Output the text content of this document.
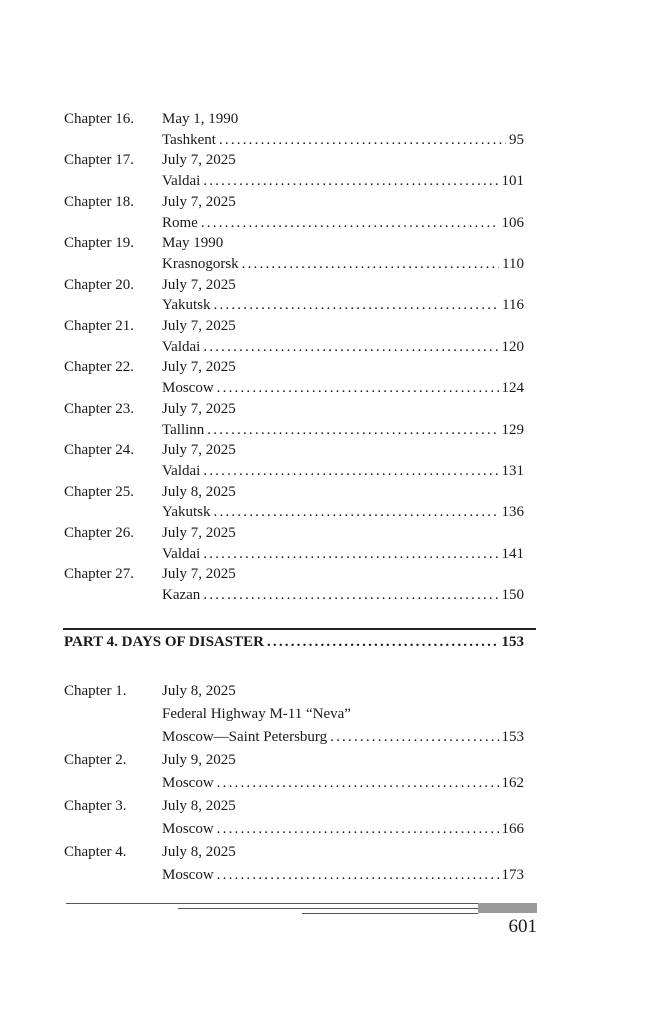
Chapter 16.	May 1, 1990
Tashkent .....	95
Chapter 17.	July 7, 2025
Valdai .....	101
Chapter 18.	July 7, 2025
Rome .....	106
Chapter 19.	May 1990
Krasnogorsk .....	110
Chapter 20.	July 7, 2025
Yakutsk .....	116
Chapter 21.	July 7, 2025
Valdai .....	120
Chapter 22.	July 7, 2025
Moscow .....	124
Chapter 23.	July 7, 2025
Tallinn .....	129
Chapter 24.	July 7, 2025
Valdai .....	131
Chapter 25.	July 8, 2025
Yakutsk .....	136
Chapter 26.	July 7, 2025
Valdai .....	141
Chapter 27.	July 7, 2025
Kazan .....	150
PART 4. DAYS OF DISASTER .....	153
Chapter 1.	July 8, 2025
Federal Highway M-11 “Neva”
Moscow—Saint Petersburg .....	153
Chapter 2.	July 9, 2025
Moscow .....	162
Chapter 3.	July 8, 2025
Moscow .....	166
Chapter 4.	July 8, 2025
Moscow .....	173
601
